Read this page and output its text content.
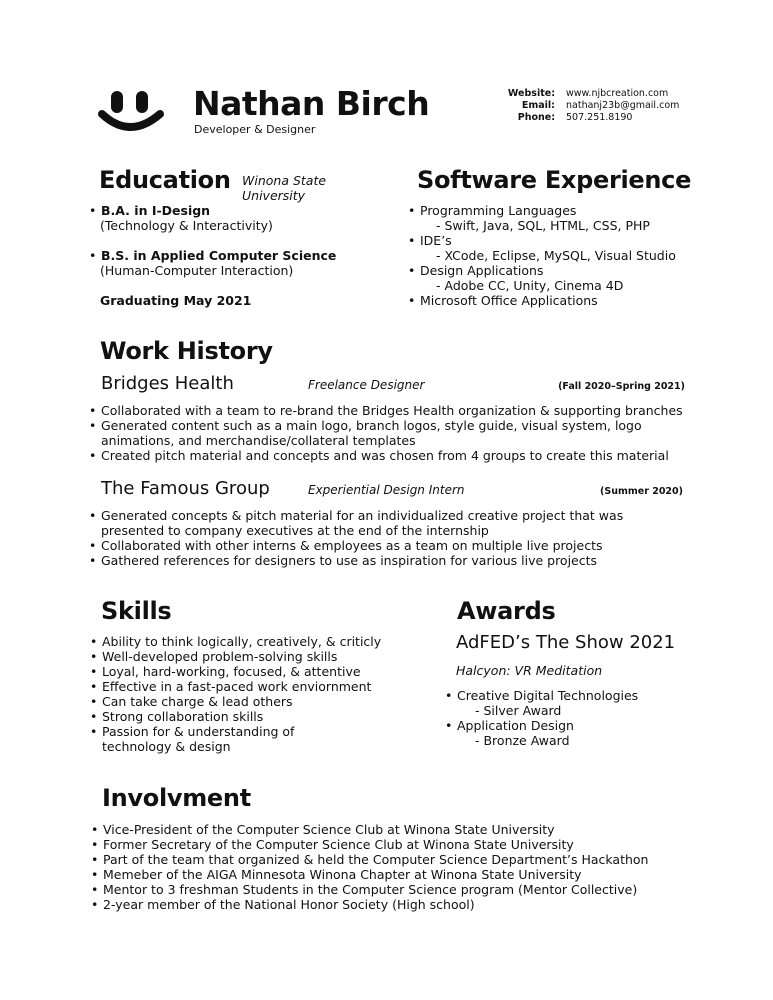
Nathan Birch
Developer & Designer
Website: www.njbcreation.com
Email: nathanj23b@gmail.com
Phone: 507.251.8190
Education Winona State University
• B.A. in I-Design
(Technology & Interactivity)
• B.S. in Applied Computer Science
(Human-Computer Interaction)
Graduating May 2021
Software Experience
• Programming Languages
- Swift, Java, SQL, HTML, CSS, PHP
• IDE’s
- XCode, Eclipse, MySQL, Visual Studio
• Design Applications
- Adobe CC, Unity, Cinema 4D
• Microsoft Office Applications
Work History
Bridges Health	Freelance Designer	(Fall 2020–Spring 2021)
• Collaborated with a team to re-brand the Bridges Health organization & supporting branches
• Generated content such as a main logo, branch logos, style guide, visual system, logo
animations, and merchandise/collateral templates
• Created pitch material and concepts and was chosen from 4 groups to create this material
The Famous Group	Experiential Design Intern	(Summer 2020)
• Generated concepts & pitch material for an individualized creative project that was
presented to company executives at the end of the internship
• Collaborated with other interns & employees as a team on multiple live projects
• Gathered references for designers to use as inspiration for various live projects
Skills
• Ability to think logically, creatively, & criticly
• Well-developed problem-solving skills
• Loyal, hard-working, focused, & attentive
• Effective in a fast-paced work enviornment
• Can take charge & lead others
• Strong collaboration skills
• Passion for & understanding of
technology & design
Awards
AdFED’s The Show 2021
Halcyon: VR Meditation
• Creative Digital Technologies
- Silver Award
• Application Design
- Bronze Award
Involvment
• Vice-President of the Computer Science Club at Winona State University
• Former Secretary of the Computer Science Club at Winona State University
• Part of the team that organized & held the Computer Science Department’s Hackathon
• Memeber of the AIGA Minnesota Winona Chapter at Winona State University
• Mentor to 3 freshman Students in the Computer Science program (Mentor Collective)
• 2-year member of the National Honor Society (High school)
